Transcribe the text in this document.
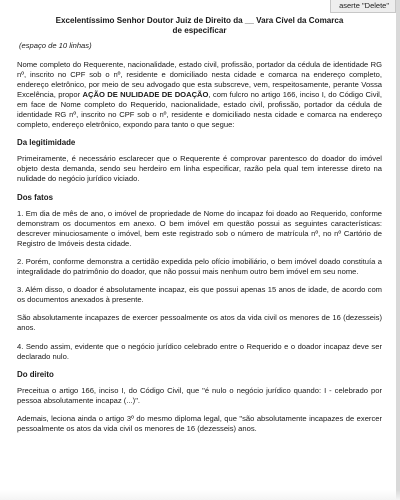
aserte "Delete"
Excelentíssimo Senhor Doutor Juiz de Direito da __ Vara Cível da Comarca
de especificar
(espaço de 10 linhas)

Nome completo do Requerente, nacionalidade, estado civil, profissão, portador da cédula de identidade RG nº, inscrito no CPF sob o nº, residente e domiciliado nesta cidade e comarca na endereço completo, endereço eletrônico, por meio de seu advogado que esta subscreve, vem, respeitosamente, perante Vossa Excelência, propor AÇÃO DE NULIDADE DE DOAÇÃO, com fulcro no artigo 166, inciso I, do Código Civil, em face de Nome completo do Requerido, nacionalidade, estado civil, profissão, portador da cédula de identidade RG nº, inscrito no CPF sob o nº, residente e domiciliado nesta cidade e comarca na endereço completo, endereço eletrônico, expondo para tanto o que segue:

Da legitimidade

Primeiramente, é necessário esclarecer que o Requerente é comprovar parentesco do doador do imóvel objeto desta demanda, sendo seu herdeiro em linha especificar, razão pela qual tem interesse direto na nulidade do negócio jurídico viciado.

Dos fatos

1. Em dia de mês de ano, o imóvel de propriedade de Nome do incapaz foi doado ao Requerido, conforme demonstram os documentos em anexo. O bem imóvel em questão possui as seguintes características: descrever minuciosamente o imóvel, bem este registrado sob o número de matrícula nº, no nº Cartório de Registro de Imóveis desta cidade.

2. Porém, conforme demonstra a certidão expedida pelo ofício imobiliário, o bem imóvel doado constituía a integralidade do patrimônio do doador, que não possui mais nenhum outro bem imóvel em seu nome.

3. Além disso, o doador é absolutamente incapaz, eis que possui apenas 15 anos de idade, de acordo com os documentos anexados à presente.

São absolutamente incapazes de exercer pessoalmente os atos da vida civil os menores de 16 (dezesseis) anos.

4. Sendo assim, evidente que o negócio jurídico celebrado entre o Requerido e o doador incapaz deve ser declarado nulo.

Do direito

Preceitua o artigo 166, inciso I, do Código Civil, que "é nulo o negócio jurídico quando: I - celebrado por pessoa absolutamente incapaz (...)".

Ademais, leciona ainda o artigo 3º do mesmo diploma legal, que "são absolutamente incapazes de exercer pessoalmente os atos da vida civil os menores de 16 (dezesseis) anos.
